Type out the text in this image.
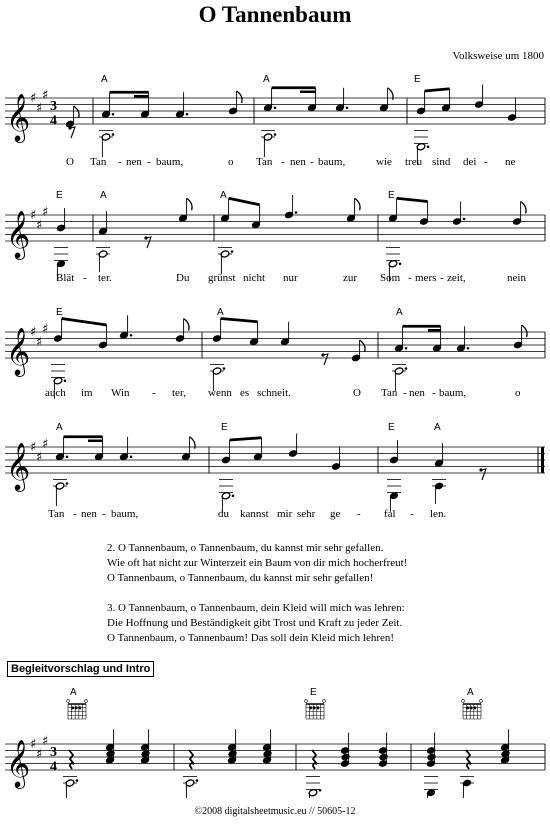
O Tannenbaum
Volksweise um 1800
𝄞 ♯
♯
♯
3
4
A	A	E
O Tan - nen - baum,	o Tan - nen - baum,	wie treu sind dei - ne
𝄞 ♯
♯
♯
E	A	A	E
Blät - ter.	Du grünst nicht nur	zur Som - mers - zeit,	nein
𝄞 ♯
♯
♯
E	A	A
auch im Win - ter, wenn es schneit.	O Tan - nen - baum,	o
𝄞 ♯
♯
♯
A	E	E	A
Tan - nen - baum,	du kannst mir sehr ge - fal - len.
2. O Tannenbaum, o Tannenbaum, du kannst mir sehr gefallen.
Wie oft hat nicht zur Winterzeit ein Baum von dir mich hocherfreut!
O Tannenbaum, o Tannenbaum, du kannst mir sehr gefallen!
3. O Tannenbaum, o Tannenbaum, dein Kleid will mich was lehren:
Die Hoffnung und Beständigkeit gibt Trost und Kraft zu jeder Zeit.
O Tannenbaum, o Tannenbaum! Das soll dein Kleid mich lehren!
Begleitvorschlag und Intro
𝄞 ♯
♯
♯
3
4
A	E	A
©2008 digitalsheetmusic.eu // 50605-12
